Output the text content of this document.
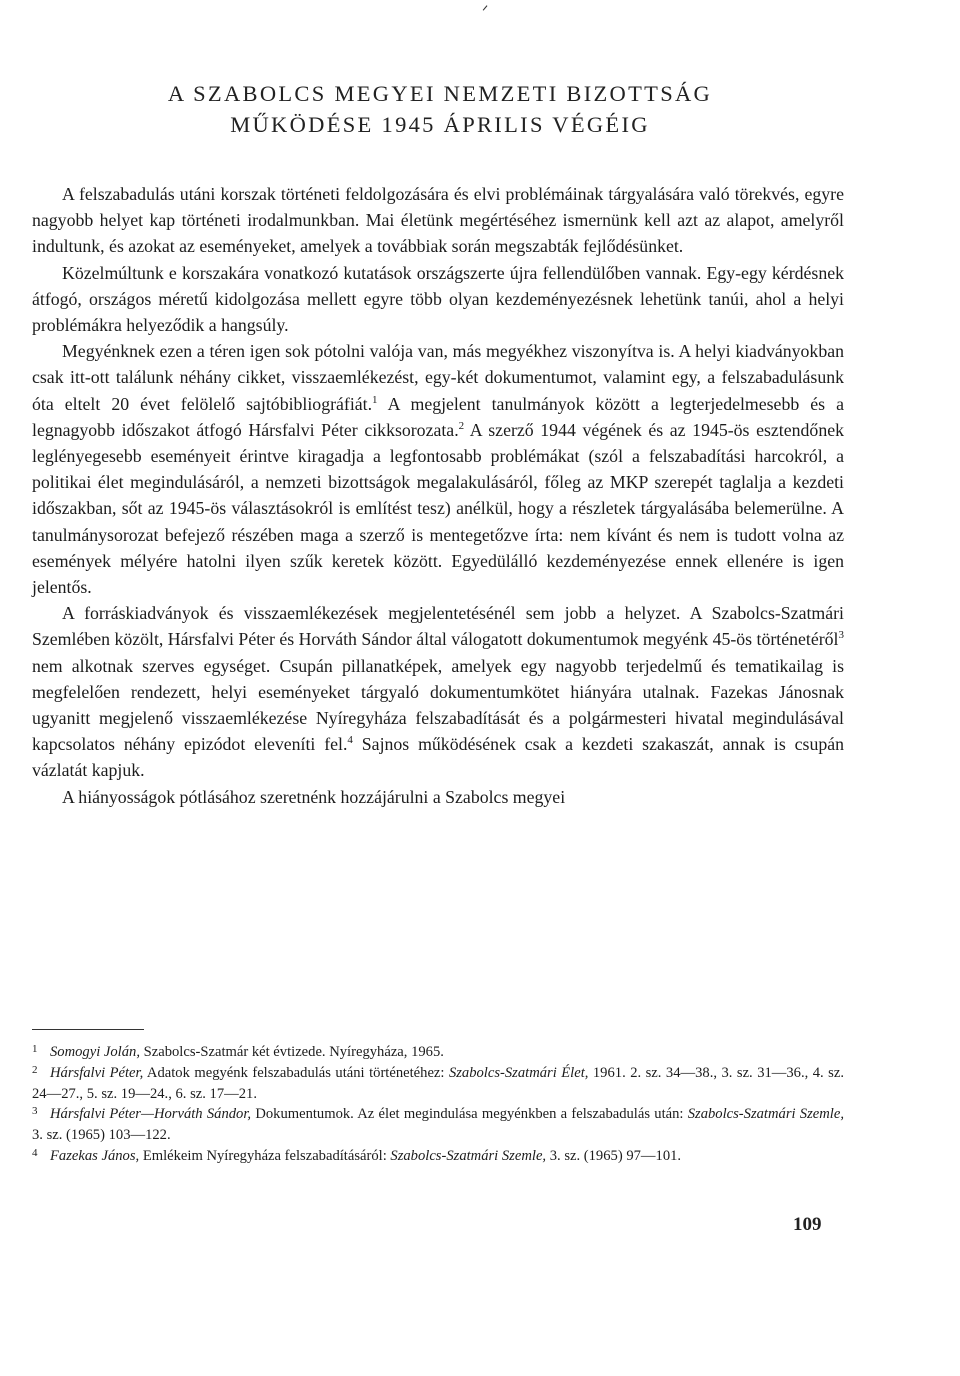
ᐟ
A SZABOLCS MEGYEI NEMZETI BIZOTTSÁG
MŰKÖDÉSE 1945 ÁPRILIS VÉGÉIG

A felszabadulás utáni korszak történeti feldolgozására és elvi problémáinak tárgyalására való törekvés, egyre nagyobb helyet kap történeti irodalmunkban. Mai életünk megértéséhez ismernünk kell azt az alapot, amelyről indultunk, és azokat az eseményeket, amelyek a továbbiak során megszabták fejlődésünket.

Közelmúltunk e korszakára vonatkozó kutatások országszerte újra fellendülőben vannak. Egy-egy kérdésnek átfogó, országos méretű kidolgozása mellett egyre több olyan kezdeményezésnek lehetünk tanúi, ahol a helyi problémákra helyeződik a hangsúly.

Megyénknek ezen a téren igen sok pótolni valója van, más megyékhez viszonyítva is. A helyi kiadványokban csak itt-ott találunk néhány cikket, visszaemlékezést, egy-két dokumentumot, valamint egy, a felszabadulásunk óta eltelt 20 évet felölelő sajtóbibliográfiát.$^1$ A megjelent tanulmányok között a legterjedelmesebb és a legnagyobb időszakot átfogó Hársfalvi Péter cikksorozata.$^2$ A szerző 1944 végének és az 1945-ös esztendőnek leglényegesebb eseményeit érintve kiragadja a legfontosabb problémákat (szól a felszabadítási harcokról, a politikai élet megindulásáról, a nemzeti bizottságok megalakulásáról, főleg az MKP szerepét taglalja a kezdeti időszakban, sőt az 1945-ös választásokról is említést tesz) anélkül, hogy a részletek tárgyalásába belemerülne. A tanulmánysorozat befejező részében maga a szerző is mentegetőzve írta: nem kívánt és nem is tudott volna az események mélyére hatolni ilyen szűk keretek között. Egyedülálló kezdeményezése ennek ellenére is igen jelentős.

A forráskiadványok és visszaemlékezések megjelentetésénél sem jobb a helyzet. A Szabolcs-Szatmári Szemlében közölt, Hársfalvi Péter és Horváth Sándor által válogatott dokumentumok megyénk 45-ös történetéről$^3$ nem alkotnak szerves egységet. Csupán pillanatképek, amelyek egy nagyobb terjedelmű és tematikailag is megfelelően rendezett, helyi eseményeket tárgyaló dokumentumkötet hiányára utalnak. Fazekas Jánosnak ugyanitt megjelenő visszaemlékezése Nyíregyháza felszabadítását és a polgármesteri hivatal megindulásával kapcsolatos néhány epizódot eleveníti fel.$^4$ Sajnos működésének csak a kezdeti szakaszát, annak is csupán vázlatát kapjuk.

A hiányosságok pótlásához szeretnénk hozzájárulni a Szabolcs megyei

1 Somogyi Jolán, Szabolcs-Szatmár két évtizede. Nyíregyháza, 1965.

2 Hársfalvi Péter, Adatok megyénk felszabadulás utáni történetéhez: Szabolcs-Szatmári Élet, 1961. 2. sz. 34—38., 3. sz. 31—36., 4. sz. 24—27., 5. sz. 19—24., 6. sz. 17—21.

3 Hársfalvi Péter—Horváth Sándor, Dokumentumok. Az élet megindulása megyénkben a felszabadulás után: Szabolcs-Szatmári Szemle, 3. sz. (1965) 103—122.

4 Fazekas János, Emlékeim Nyíregyháza felszabadításáról: Szabolcs-Szatmári Szemle, 3. sz. (1965) 97—101.

109
